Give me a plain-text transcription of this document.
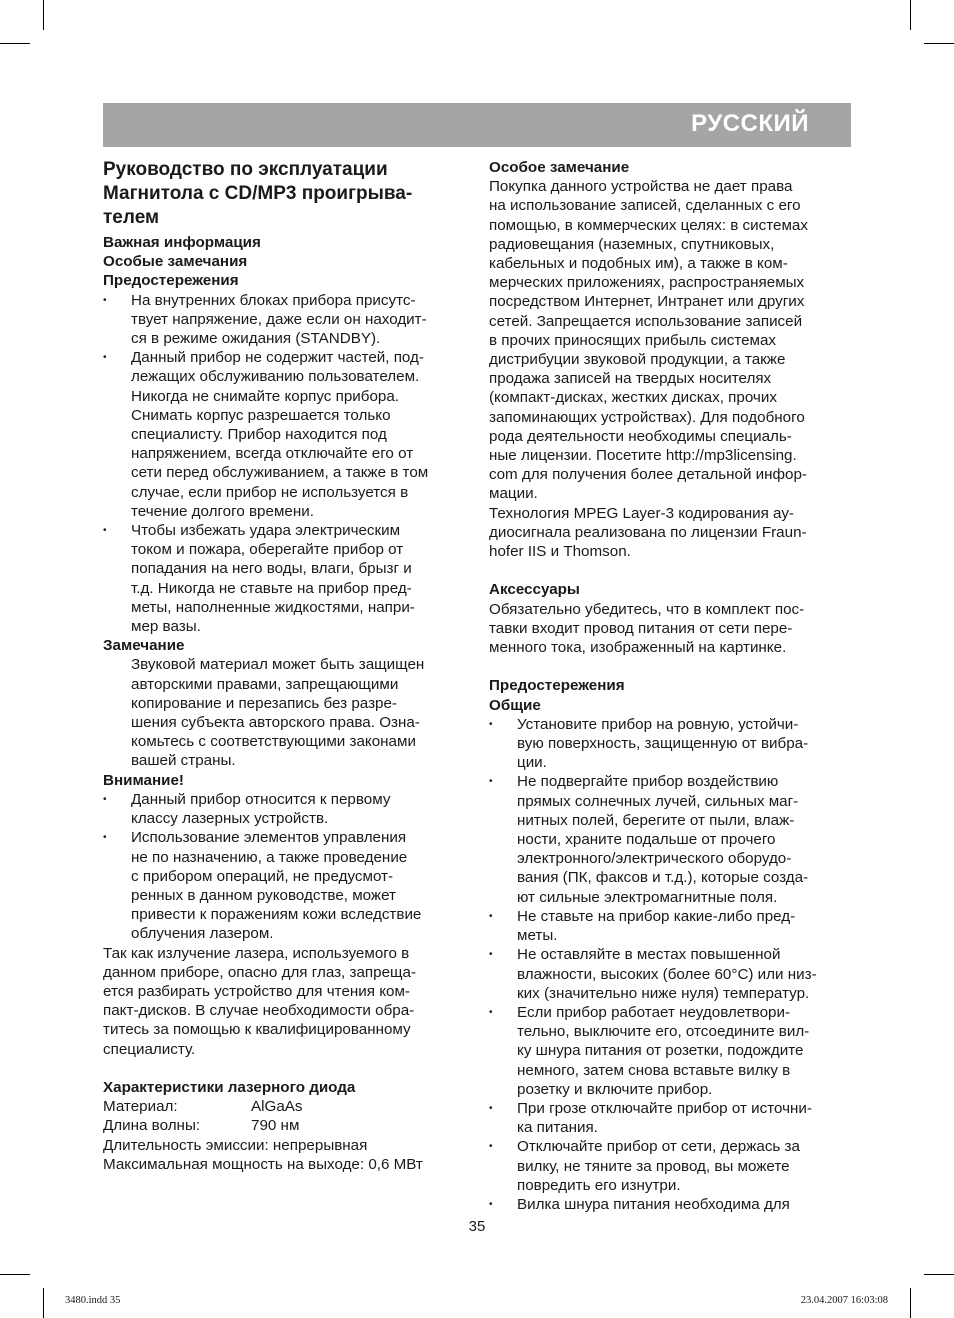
РУССКИЙ
Руководство по эксплуатации
Магнитола с CD/MP3 проигрыва-
телем
Важная информация
Особые замечания
Предостережения
• На внутренних блоках прибора присутс-
твует напряжение, даже если он находит-
ся в режиме ожидания (STANDBY).
• Данный прибор не содержит частей, под-
лежащих обслуживанию пользователем.
Никогда не снимайте корпус прибора.
Снимать корпус разрешается только
специалисту. Прибор находится под
напряжением, всегда отключайте его от
сети перед обслуживанием, а также в том
случае, если прибор не используется в
течение долгого времени.
• Чтобы избежать удара электрическим
током и пожара, оберегайте прибор от
попадания на него воды, влаги, брызг и
т.д. Никогда не ставьте на прибор пред-
меты, наполненные жидкостями, напри-
мер вазы.
Замечание
Звуковой материал может быть защищен
авторскими правами, запрещающими
копирование и перезапись без разре-
шения субъекта авторского права. Озна-
комьтесь с соответствующими законами
вашей страны.
Внимание!
• Данный прибор относится к первому
классу лазерных устройств.
• Использование элементов управления
не по назначению, а также проведение
с прибором операций, не предусмот-
ренных в данном руководстве, может
привести к поражениям кожи вследствие
облучения лазером.
Так как излучение лазера, используемого в
данном приборе, опасно для глаз, запреща-
ется разбирать устройство для чтения ком-
пакт-дисков. В случае необходимости обра-
титесь за помощью к квалифицированному
специалисту.
Характеристики лазерного диода
Материал:	AlGaAs
Длина волны:	790 нм
Длительность эмиссии: непрерывная
Максимальная мощность на выходе: 0,6 МВт
Особое замечание
Покупка данного устройства не дает права
на использование записей, сделанных с его
помощью, в коммерческих целях: в системах
радиовещания (наземных, спутниковых,
кабельных и подобных им), а также в ком-
мерческих приложениях, распространяемых
посредством Интернет, Интранет или других
сетей. Запрещается использование записей
в прочих приносящих прибыль системах
дистрибуции звуковой продукции, а также
продажа записей на твердых носителях
(компакт-дисках, жестких дисках, прочих
запоминающих устройствах). Для подобного
рода деятельности необходимы специаль-
ные лицензии. Посетите http://mp3licensing.
com для получения более детальной инфор-
мации.
Технология MPEG Layer-3 кодирования ау-
диосигнала реализована по лицензии Fraun-
hofer IIS и Thomson.
Аксессуары
Обязательно убедитесь, что в комплект пос-
тавки входит провод питания от сети пере-
менного тока, изображенный на картинке.
Предостережения
Общие
• Установите прибор на ровную, устойчи-
вую поверхность, защищенную от вибра-
ции.
• Не подвергайте прибор воздействию
прямых солнечных лучей, сильных маг-
нитных полей, берегите от пыли, влаж-
ности, храните подальше от прочего
электронного/электрического оборудо-
вания (ПК, факсов и т.д.), которые созда-
ют сильные электромагнитные поля.
• Не ставьте на прибор какие-либо пред-
меты.
• Не оставляйте в местах повышенной
влажности, высоких (более 60°С) или низ-
ких (значительно ниже нуля) температур.
• Если прибор работает неудовлетвори-
тельно, выключите его, отсоедините вил-
ку шнура питания от розетки, подождите
немного, затем снова вставьте вилку в
розетку и включите прибор.
• При грозе отключайте прибор от источни-
ка питания.
• Отключайте прибор от сети, держась за
вилку, не тяните за провод, вы можете
повредить его изнутри.
• Вилка шнура питания необходима для
35
3480.indd 35	23.04.2007 16:03:08
